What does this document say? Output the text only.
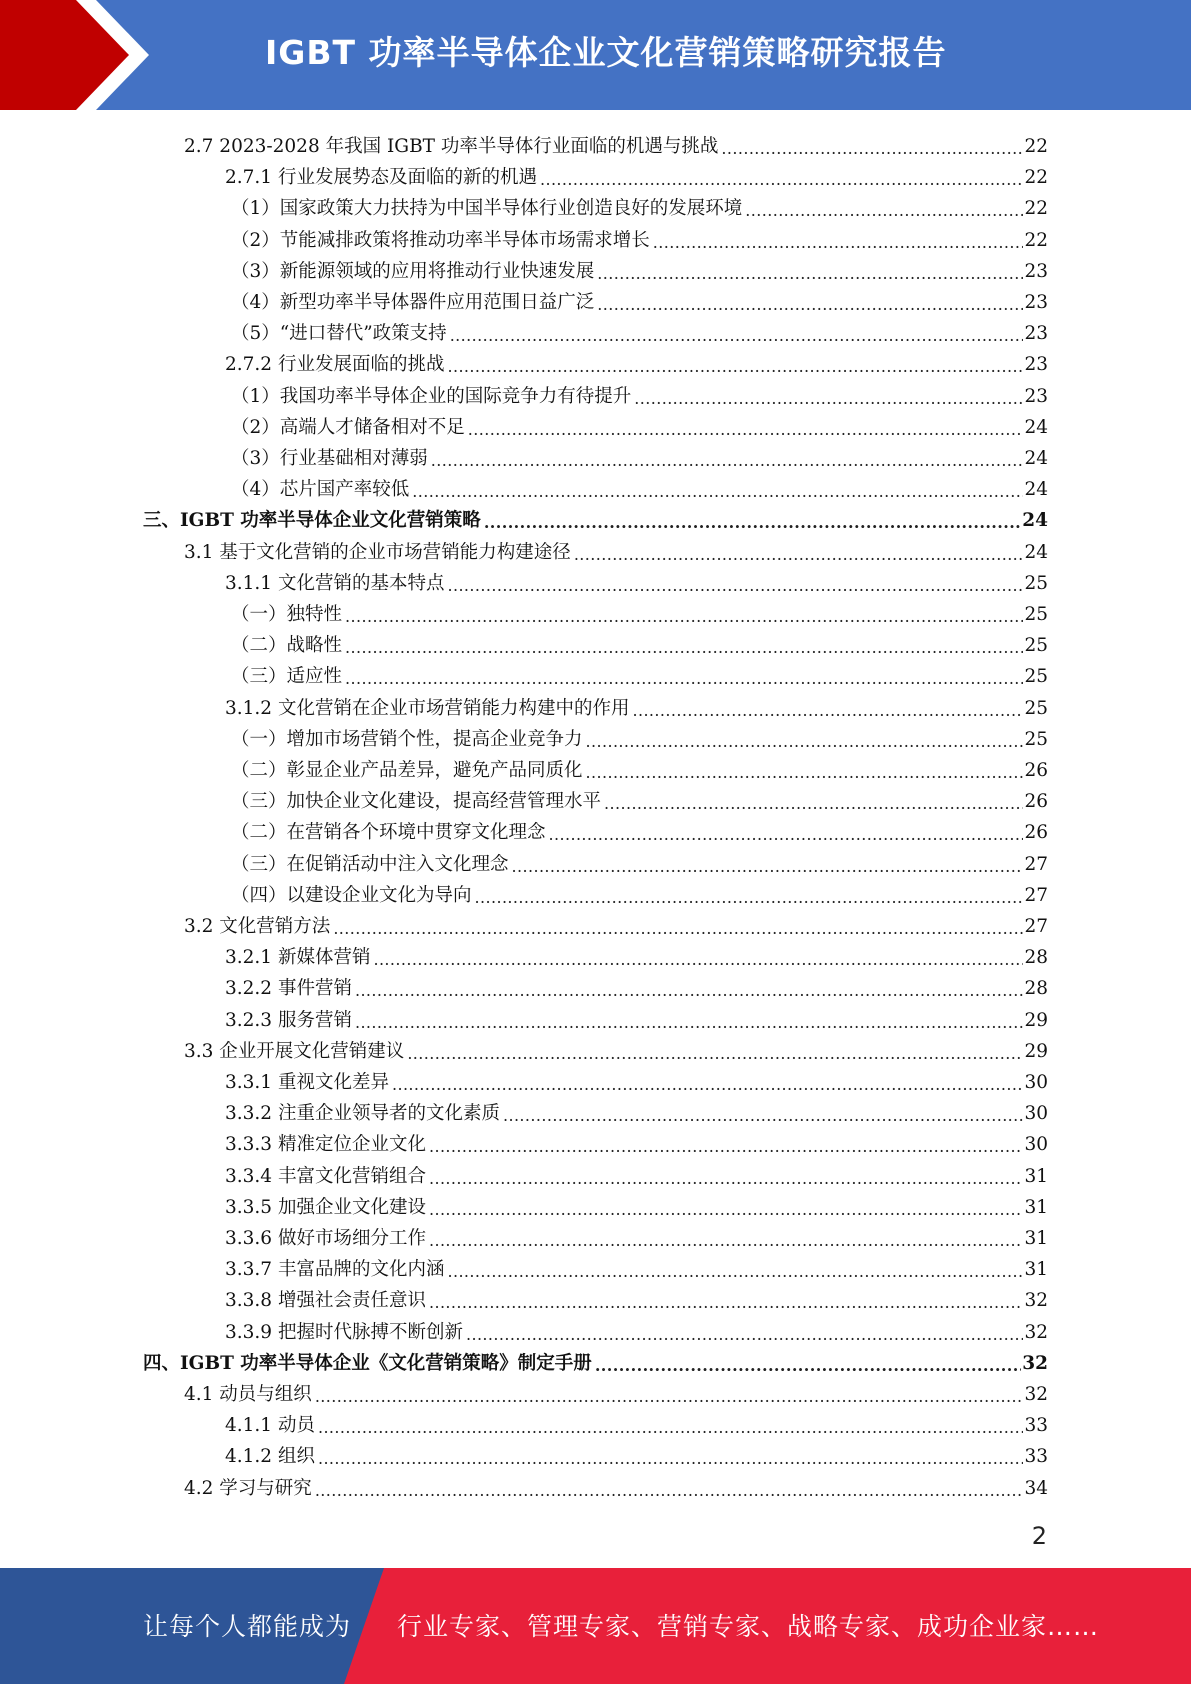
IGBT 功率半导体企业文化营销策略研究报告
2.7 2023-2028 年我国 IGBT 功率半导体行业面临的机遇与挑战 .....	22
2.7.1 行业发展势态及面临的新的机遇 .....	22
（1）国家政策大力扶持为中国半导体行业创造良好的发展环境 .....	22
（2）节能减排政策将推动功率半导体市场需求增长 .....	22
（3）新能源领域的应用将推动行业快速发展 .....	23
（4）新型功率半导体器件应用范围日益广泛 .....	23
（5）“进口替代”政策支持 .....	23
2.7.2 行业发展面临的挑战 .....	23
（1）我国功率半导体企业的国际竞争力有待提升 .....	23
（2）高端人才储备相对不足 .....	24
（3）行业基础相对薄弱 .....	24
（4）芯片国产率较低 .....	24
三、IGBT 功率半导体企业文化营销策略 .....	24
3.1 基于文化营销的企业市场营销能力构建途径 .....	24
3.1.1 文化营销的基本特点 .....	25
（一）独特性 .....	25
（二）战略性 .....	25
（三）适应性 .....	25
3.1.2 文化营销在企业市场营销能力构建中的作用 .....	25
（一）增加市场营销个性，提高企业竞争力 .....	25
（二）彰显企业产品差异，避免产品同质化 .....	26
（三）加快企业文化建设，提高经营管理水平 .....	26
（二）在营销各个环境中贯穿文化理念 .....	26
（三）在促销活动中注入文化理念 .....	27
（四）以建设企业文化为导向 .....	27
3.2 文化营销方法 .....	27
3.2.1 新媒体营销 .....	28
3.2.2 事件营销 .....	28
3.2.3 服务营销 .....	29
3.3 企业开展文化营销建议 .....	29
3.3.1 重视文化差异 .....	30
3.3.2 注重企业领导者的文化素质 .....	30
3.3.3 精准定位企业文化 .....	30
3.3.4 丰富文化营销组合 .....	31
3.3.5 加强企业文化建设 .....	31
3.3.6 做好市场细分工作 .....	31
3.3.7 丰富品牌的文化内涵 .....	31
3.3.8 增强社会责任意识 .....	32
3.3.9 把握时代脉搏不断创新 .....	32
四、IGBT 功率半导体企业《文化营销策略》制定手册 .....	32
4.1 动员与组织 .....	32
4.1.1 动员 .....	33
4.1.2 组织 .....	33
4.2 学习与研究 .....	34
2
让每个人都能成为 行业专家、管理专家、营销专家、战略专家、成功企业家……
